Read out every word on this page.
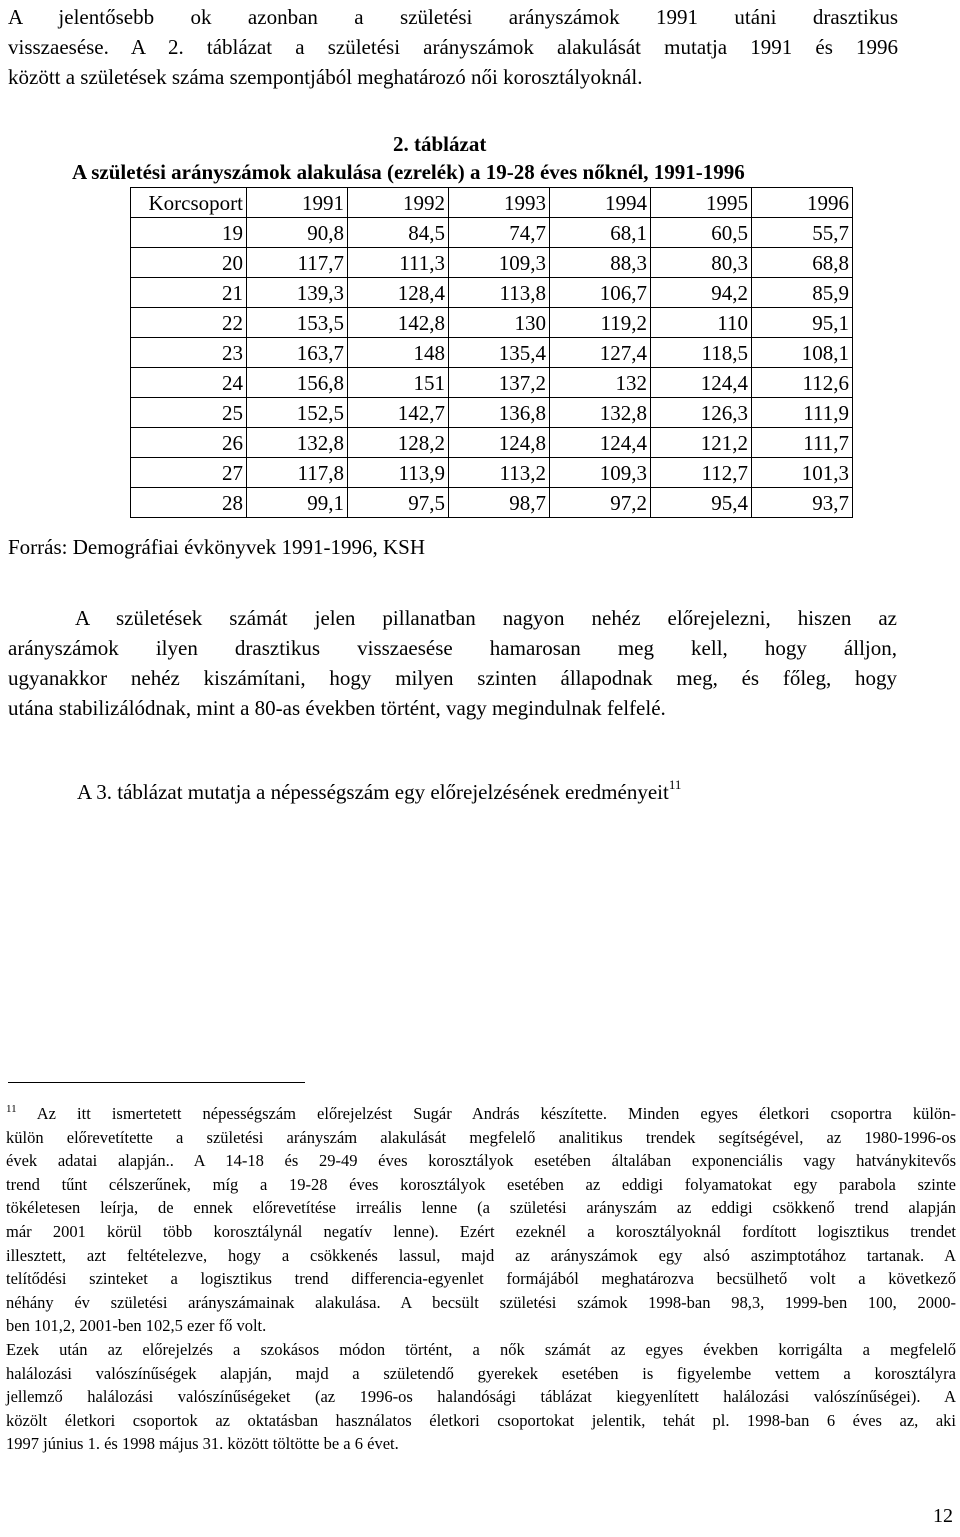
A jelentősebb ok azonban a születési arányszámok 1991 utáni drasztikus
visszaesése. A 2. táblázat a születési arányszámok alakulását mutatja 1991 és 1996
között a születések száma szempontjából meghatározó női korosztályoknál.
2. táblázat
A születési arányszámok alakulása (ezrelék) a 19-28 éves nőknél, 1991-1996
Korcsoport	1991	1992	1993	1994	1995	1996
19	90,8	84,5	74,7	68,1	60,5	55,7
20	117,7	111,3	109,3	88,3	80,3	68,8
21	139,3	128,4	113,8	106,7	94,2	85,9
22	153,5	142,8	130	119,2	110	95,1
23	163,7	148	135,4	127,4	118,5	108,1
24	156,8	151	137,2	132	124,4	112,6
25	152,5	142,7	136,8	132,8	126,3	111,9
26	132,8	128,2	124,8	124,4	121,2	111,7
27	117,8	113,9	113,2	109,3	112,7	101,3
28	99,1	97,5	98,7	97,2	95,4	93,7
Forrás: Demográfiai évkönyvek 1991-1996, KSH
A születések számát jelen pillanatban nagyon nehéz előrejelezni, hiszen az
arányszámok ilyen drasztikus visszaesése hamarosan meg kell, hogy álljon,
ugyanakkor nehéz kiszámítani, hogy milyen szinten állapodnak meg, és főleg, hogy
utána stabilizálódnak, mint a 80-as években történt, vagy megindulnak felfelé.
A 3. táblázat mutatja a népességszám egy előrejelzésének eredményeit$^{11}$
$^{11}$ Az itt ismertetett népességszám előrejelzést Sugár András készítette. Minden egyes életkori csoportra külön-
külön előrevetítette a születési arányszám alakulását megfelelő analitikus trendek segítségével, az 1980-1996-os
évek adatai alapján.. A 14-18 és 29-49 éves korosztályok esetében általában exponenciális vagy hatványkitevős
trend tűnt célszerűnek, míg a 19-28 éves korosztályok esetében az eddigi folyamatokat egy parabola szinte
tökéletesen leírja, de ennek előrevetítése irreális lenne (a születési arányszám az eddigi csökkenő trend alapján
már 2001 körül több korosztálynál negatív lenne). Ezért ezeknél a korosztályoknál fordított logisztikus trendet
illesztett, azt feltételezve, hogy a csökkenés lassul, majd az arányszámok egy alsó aszimptotához tartanak. A
telítődési szinteket a logisztikus trend differencia-egyenlet formájából meghatározva becsülhető volt a következő
néhány év születési arányszámainak alakulása. A becsült születési számok 1998-ban 98,3, 1999-ben 100, 2000-
ben 101,2, 2001-ben 102,5 ezer fő volt.
Ezek után az előrejelzés a szokásos módon történt, a nők számát az egyes években korrigálta a megfelelő
halálozási valószínűségek alapján, majd a születendő gyerekek esetében is figyelembe vettem a korosztályra
jellemző halálozási valószínűségeket (az 1996-os halandósági táblázat kiegyenlített halálozási valószínűségei). A
közölt életkori csoportok az oktatásban használatos életkori csoportokat jelentik, tehát pl. 1998-ban 6 éves az, aki
1997 június 1. és 1998 május 31. között töltötte be a 6 évet.
12
